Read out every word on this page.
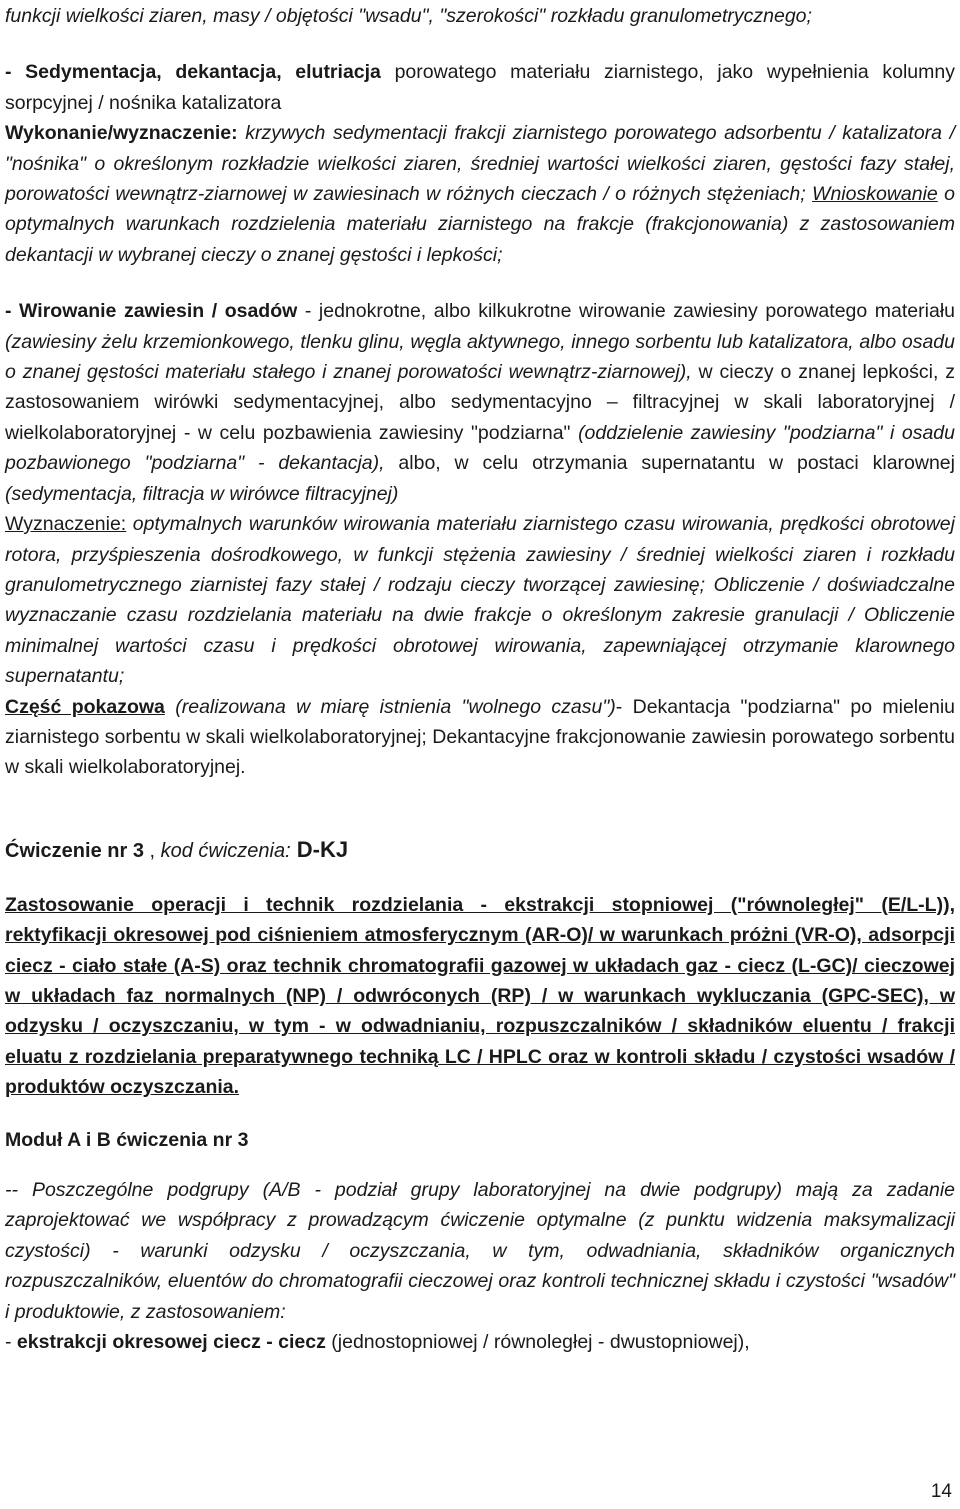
funkcji wielkości ziaren, masy / objętości "wsadu", "szerokości" rozkładu granulometrycznego;

- Sedymentacja, dekantacja, elutriacja porowatego materiału ziarnistego, jako wypełnienia kolumny sorpcyjnej / nośnika katalizatora
Wykonanie/wyznaczenie: krzywych sedymentacji frakcji ziarnistego porowatego adsorbentu / katalizatora / "nośnika" o określonym rozkładzie wielkości ziaren, średniej wartości wielkości ziaren, gęstości fazy stałej, porowatości wewnątrz-ziarnowej w zawiesinach w różnych cieczach / o różnych stężeniach; Wnioskowanie o optymalnych warunkach rozdzielenia materiału ziarnistego na frakcje (frakcjonowania) z zastosowaniem dekantacji w wybranej cieczy o znanej gęstości i lepkości;

- Wirowanie zawiesin / osadów - jednokrotne, albo kilkukrotne wirowanie zawiesiny porowatego materiału (zawiesiny żelu krzemionkowego, tlenku glinu, węgla aktywnego, innego sorbentu lub katalizatora, albo osadu o znanej gęstości materiału stałego i znanej porowatości wewnątrz-ziarnowej), w cieczy o znanej lepkości, z zastosowaniem wirówki sedymentacyjnej, albo sedymentacyjno – filtracyjnej w skali laboratoryjnej / wielkolaboratoryjnej - w celu pozbawienia zawiesiny "podziarna" (oddzielenie zawiesiny "podziarna" i osadu pozbawionego "podziarna" - dekantacja), albo, w celu otrzymania supernatantu w postaci klarownej (sedymentacja, filtracja w wirówce filtracyjnej)
Wyznaczenie: optymalnych warunków wirowania materiału ziarnistego czasu wirowania, prędkości obrotowej rotora, przyśpieszenia dośrodkowego, w funkcji stężenia zawiesiny / średniej wielkości ziaren i rozkładu granulometrycznego ziarnistej fazy stałej / rodzaju cieczy tworzącej zawiesinę; Obliczenie / doświadczalne wyznaczanie czasu rozdzielania materiału na dwie frakcje o określonym zakresie granulacji / Obliczenie minimalnej wartości czasu i prędkości obrotowej wirowania, zapewniającej otrzymanie klarownego supernatantu;
Część pokazowa (realizowana w miarę istnienia "wolnego czasu")- Dekantacja "podziarna" po mieleniu ziarnistego sorbentu w skali wielkolaboratoryjnej; Dekantacyjne frakcjonowanie zawiesin porowatego sorbentu w skali wielkolaboratoryjnej.

Ćwiczenie nr 3 , kod ćwiczenia: D-KJ

Zastosowanie operacji i technik rozdzielania - ekstrakcji stopniowej ("równoległej" (E/L-L)), rektyfikacji okresowej pod ciśnieniem atmosferycznym (AR-O)/ w warunkach próżni (VR-O), adsorpcji ciecz - ciało stałe (A-S) oraz technik chromatografii gazowej w układach gaz - ciecz (L-GC)/ cieczowej w układach faz normalnych (NP) / odwróconych (RP) / w warunkach wykluczania (GPC-SEC), w odzysku / oczyszczaniu, w tym - w odwadnianiu, rozpuszczalników / składników eluentu / frakcji eluatu z rozdzielania preparatywnego techniką LC / HPLC oraz w kontroli składu / czystości wsadów / produktów oczyszczania.

Moduł A i B ćwiczenia nr 3

-- Poszczególne podgrupy (A/B - podział grupy laboratoryjnej na dwie podgrupy) mają za zadanie zaprojektować we współpracy z prowadzącym ćwiczenie optymalne (z punktu widzenia maksymalizacji czystości) - warunki odzysku / oczyszczania, w tym, odwadniania, składników organicznych rozpuszczalników, eluentów do chromatografii cieczowej oraz kontroli technicznej składu i czystości "wsadów" i produktowie, z zastosowaniem:

- ekstrakcji okresowej ciecz - ciecz (jednostopniowej / równoległej - dwustopniowej),

14
